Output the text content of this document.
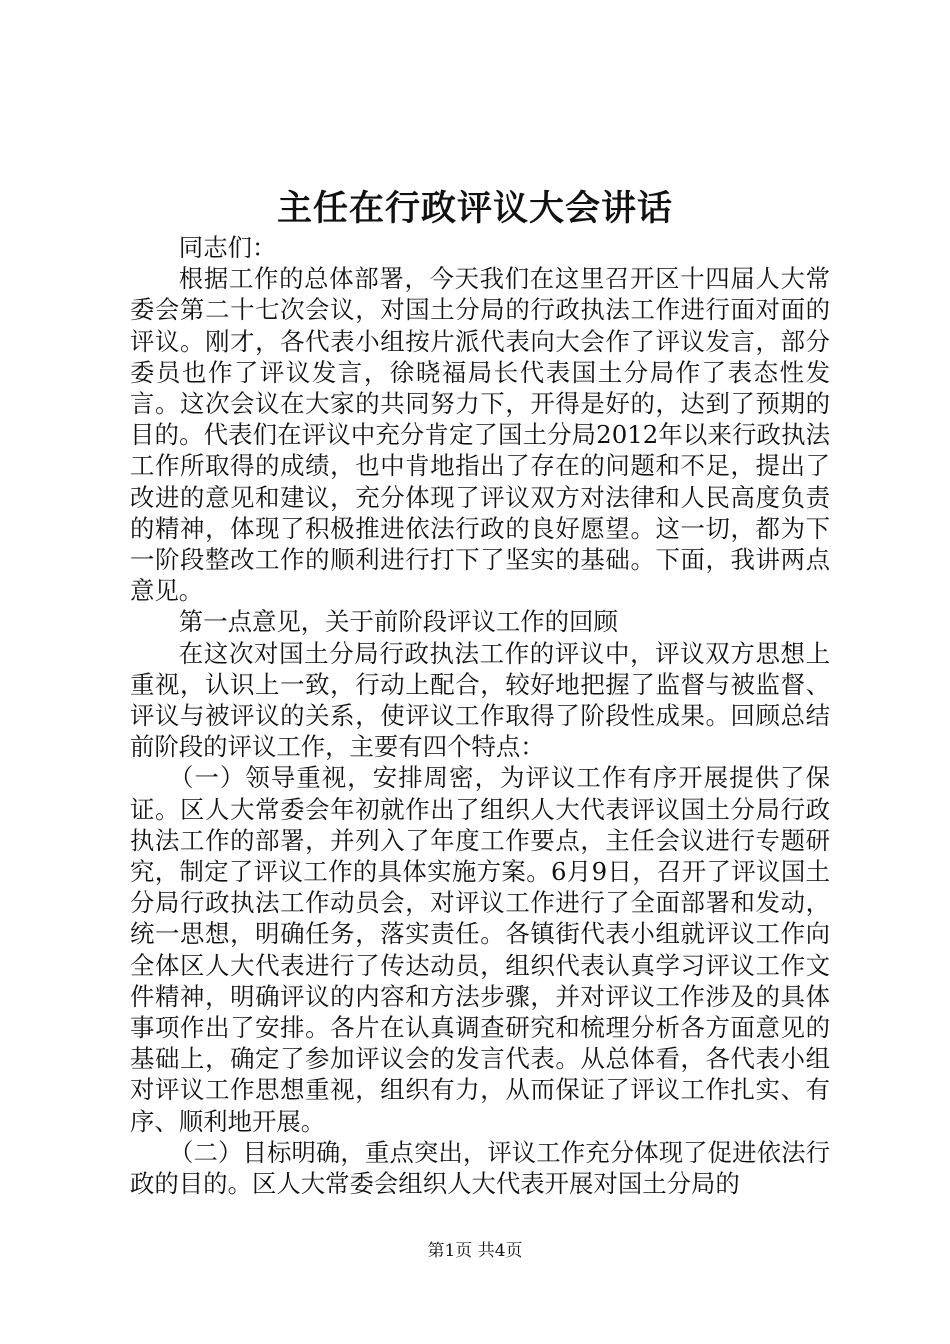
主任在行政评议大会讲话

同志们：

根据工作的总体部署，今天我们在这里召开区十四届人大常委会第二十七次会议，对国土分局的行政执法工作进行面对面的评议。刚才，各代表小组按片派代表向大会作了评议发言，部分委员也作了评议发言，徐晓福局长代表国土分局作了表态性发言。这次会议在大家的共同努力下，开得是好的，达到了预期的目的。代表们在评议中充分肯定了国土分局2012年以来行政执法工作所取得的成绩，也中肯地指出了存在的问题和不足，提出了改进的意见和建议，充分体现了评议双方对法律和人民高度负责的精神，体现了积极推进依法行政的良好愿望。这一切，都为下一阶段整改工作的顺利进行打下了坚实的基础。下面，我讲两点意见。

第一点意见，关于前阶段评议工作的回顾

在这次对国土分局行政执法工作的评议中，评议双方思想上重视，认识上一致，行动上配合，较好地把握了监督与被监督、评议与被评议的关系，使评议工作取得了阶段性成果。回顾总结前阶段的评议工作，主要有四个特点：

（一）领导重视，安排周密，为评议工作有序开展提供了保证。区人大常委会年初就作出了组织人大代表评议国土分局行政执法工作的部署，并列入了年度工作要点，主任会议进行专题研究，制定了评议工作的具体实施方案。6月9日，召开了评议国土分局行政执法工作动员会，对评议工作进行了全面部署和发动，统一思想，明确任务，落实责任。各镇街代表小组就评议工作向全体区人大代表进行了传达动员，组织代表认真学习评议工作文件精神，明确评议的内容和方法步骤，并对评议工作涉及的具体事项作出了安排。各片在认真调查研究和梳理分析各方面意见的基础上，确定了参加评议会的发言代表。从总体看，各代表小组对评议工作思想重视，组织有力，从而保证了评议工作扎实、有序、顺利地开展。

（二）目标明确，重点突出，评议工作充分体现了促进依法行政的目的。区人大常委会组织人大代表开展对国土分局的

第1页 共4页
